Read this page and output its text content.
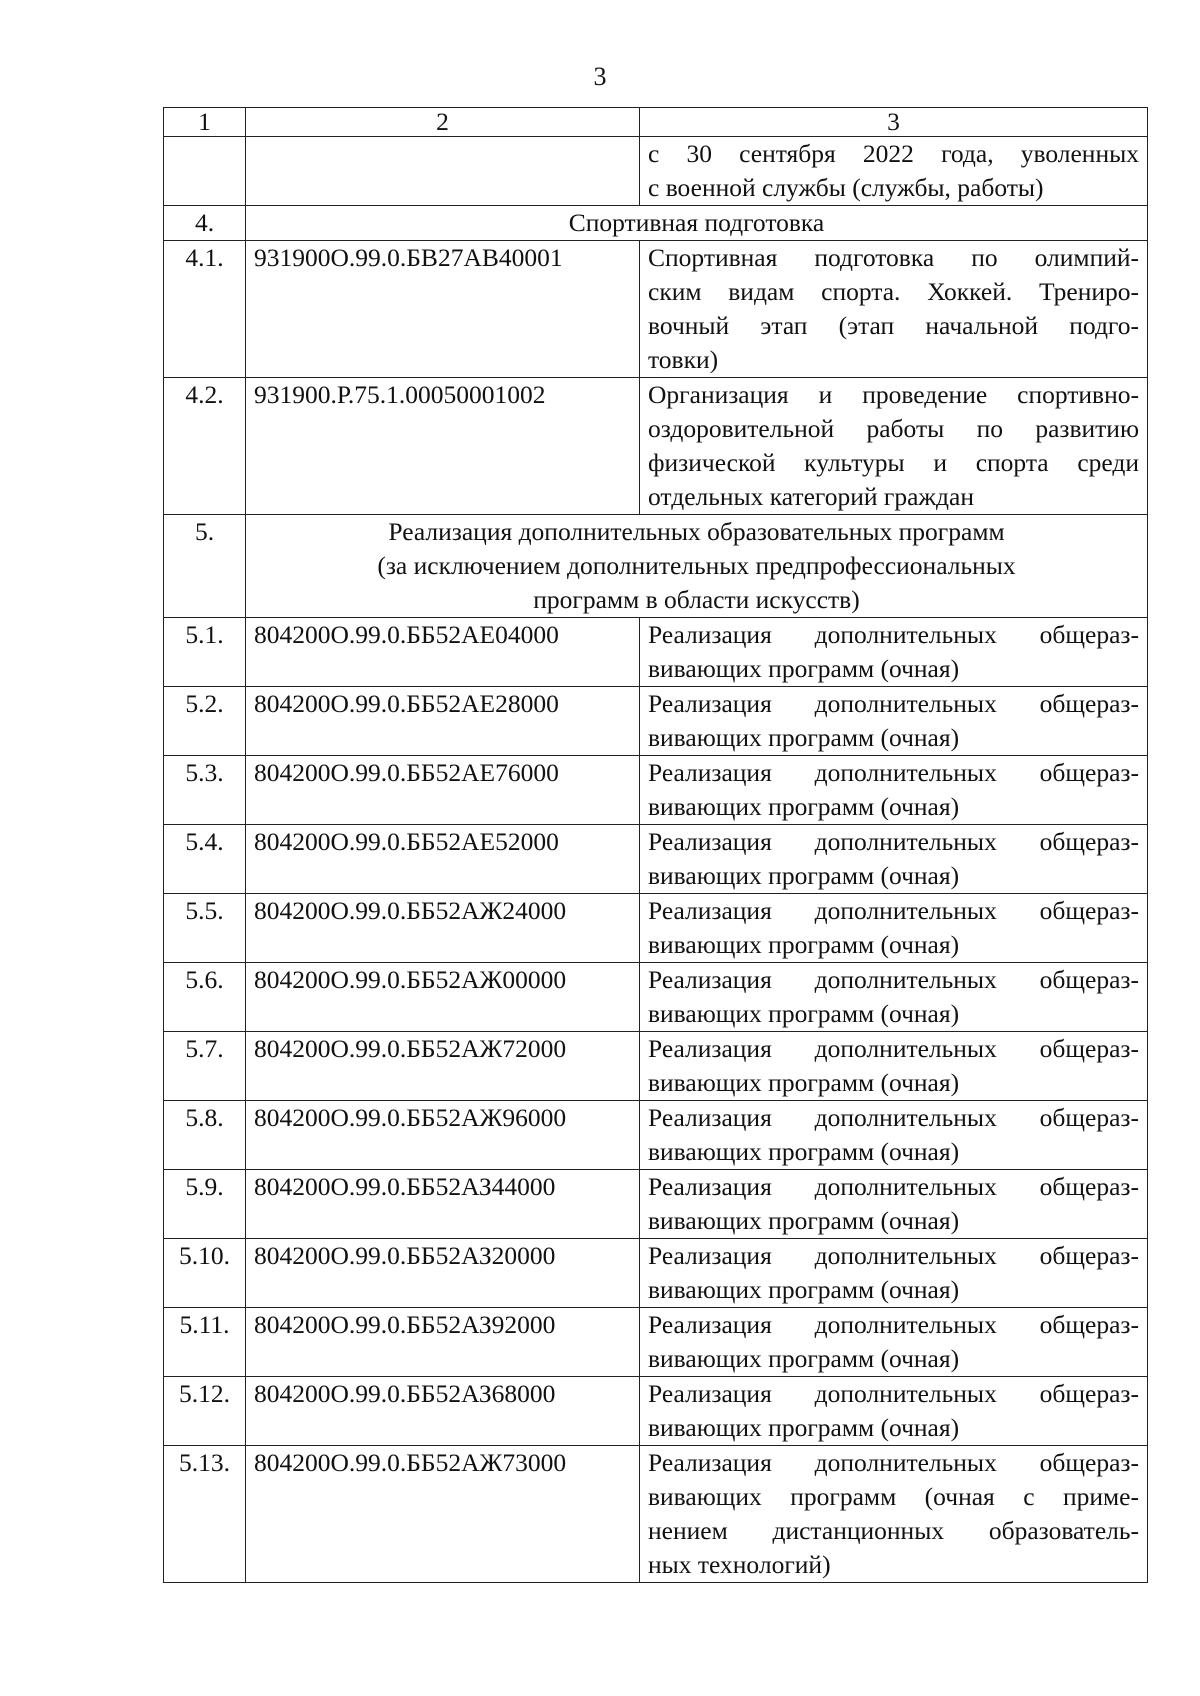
3
1	2	3

		с 30 сентября 2022 года, уволенных
с военной службы (службы, работы)

4.	Спортивная подготовка	

4.1.	931900О.99.0.БВ27АВ40001	Спортивная подготовка по олимпий-
ским видам спорта. Хоккей. Трениро-
вочный этап (этап начальной подго-
товки)

4.2.	931900.Р.75.1.00050001002	Организация и проведение спортивно-
оздоровительной работы по развитию
физической культуры и спорта среди
отдельных категорий граждан

5.	Реализация дополнительных образовательных программ
(за исключением дополнительных предпрофессиональных
программ в области искусств)	

5.1.	804200О.99.0.ББ52АЕ04000	Реализация дополнительных общераз-
вивающих программ (очная)

5.2.	804200О.99.0.ББ52АЕ28000	Реализация дополнительных общераз-
вивающих программ (очная)

5.3.	804200О.99.0.ББ52АЕ76000	Реализация дополнительных общераз-
вивающих программ (очная)

5.4.	804200О.99.0.ББ52АЕ52000	Реализация дополнительных общераз-
вивающих программ (очная)

5.5.	804200О.99.0.ББ52АЖ24000	Реализация дополнительных общераз-
вивающих программ (очная)

5.6.	804200О.99.0.ББ52АЖ00000	Реализация дополнительных общераз-
вивающих программ (очная)

5.7.	804200О.99.0.ББ52АЖ72000	Реализация дополнительных общераз-
вивающих программ (очная)

5.8.	804200О.99.0.ББ52АЖ96000	Реализация дополнительных общераз-
вивающих программ (очная)

5.9.	804200О.99.0.ББ52АЗ44000	Реализация дополнительных общераз-
вивающих программ (очная)

5.10.	804200О.99.0.ББ52АЗ20000	Реализация дополнительных общераз-
вивающих программ (очная)

5.11.	804200О.99.0.ББ52АЗ92000	Реализация дополнительных общераз-
вивающих программ (очная)

5.12.	804200О.99.0.ББ52АЗ68000	Реализация дополнительных общераз-
вивающих программ (очная)

5.13.	804200О.99.0.ББ52АЖ73000	Реализация дополнительных общераз-
вивающих программ (очная с приме-
нением дистанционных образователь-
ных технологий)
